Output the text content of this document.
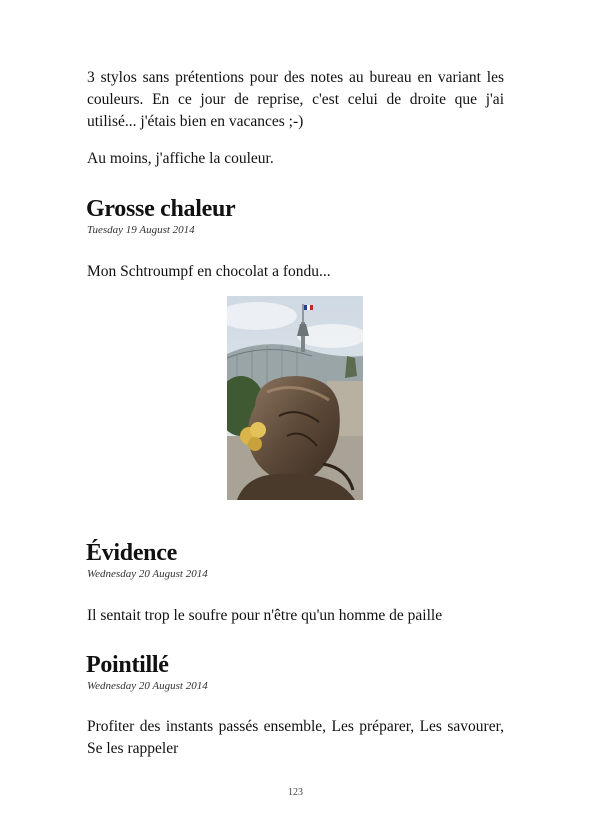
3 stylos sans prétentions pour des notes au bureau en variant les couleurs. En ce jour de reprise, c'est celui de droite que j'ai utilisé... j'étais bien en vacances ;-)

Au moins, j'affiche la couleur.

Grosse chaleur

Tuesday 19 August 2014

Mon Schtroumpf en chocolat a fondu...

Évidence

Wednesday 20 August 2014

Il sentait trop le soufre pour n'être qu'un homme de paille

Pointillé

Wednesday 20 August 2014

Profiter des instants passés ensemble, Les préparer, Les savourer, Se les rappeler

123
